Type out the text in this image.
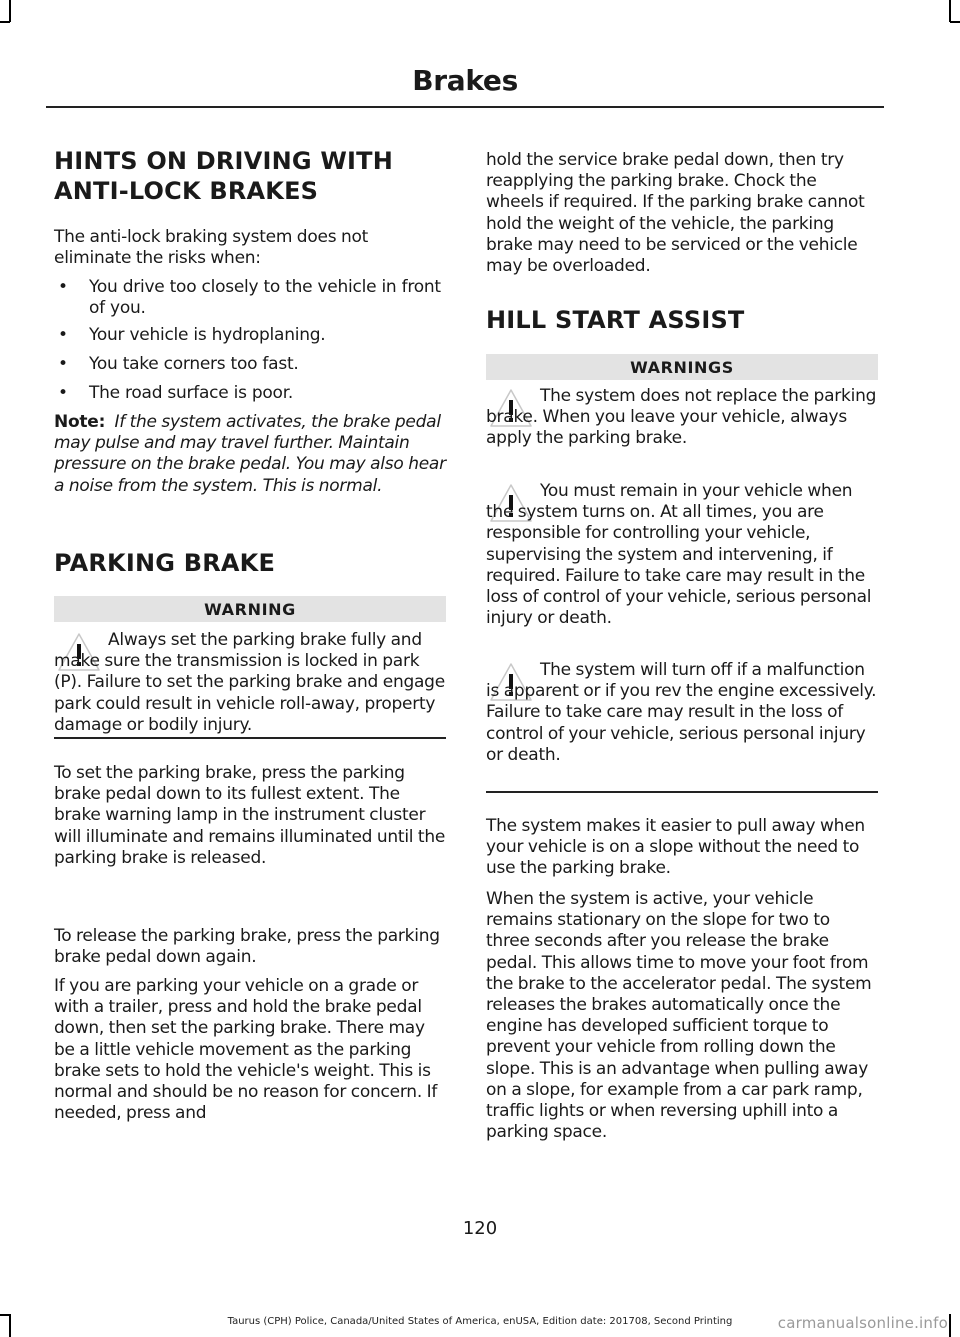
Brakes
HINTS ON DRIVING WITH
ANTI-LOCK BRAKES

The anti-lock braking system does not eliminate the risks when:

• You drive too closely to the vehicle in front of you.
• Your vehicle is hydroplaning.
• You take corners too fast.
• The road surface is poor.

Note: If the system activates, the brake pedal may pulse and may travel further. Maintain pressure on the brake pedal. You may also hear a noise from the system. This is normal.

PARKING BRAKE
WARNING

Always set the parking brake fully and make sure the transmission is locked in park (P). Failure to set the parking brake and engage park could result in vehicle roll-away, property damage or bodily injury.

To set the parking brake, press the parking brake pedal down to its fullest extent. The brake warning lamp in the instrument cluster will illuminate and remains illuminated until the parking brake is released.

To release the parking brake, press the parking brake pedal down again.

If you are parking your vehicle on a grade or with a trailer, press and hold the brake pedal down, then set the parking brake. There may be a little vehicle movement as the parking brake sets to hold the vehicle's weight. This is normal and should be no reason for concern. If needed, press and

hold the service brake pedal down, then try reapplying the parking brake. Chock the wheels if required. If the parking brake cannot hold the weight of the vehicle, the parking brake may need to be serviced or the vehicle may be overloaded.

HILL START ASSIST
WARNINGS

The system does not replace the parking brake. When you leave your vehicle, always apply the parking brake.

You must remain in your vehicle when the system turns on. At all times, you are responsible for controlling your vehicle, supervising the system and intervening, if required. Failure to take care may result in the loss of control of your vehicle, serious personal injury or death.

The system will turn off if a malfunction is apparent or if you rev the engine excessively. Failure to take care may result in the loss of control of your vehicle, serious personal injury or death.

The system makes it easier to pull away when your vehicle is on a slope without the need to use the parking brake.

When the system is active, your vehicle remains stationary on the slope for two to three seconds after you release the brake pedal. This allows time to move your foot from the brake to the accelerator pedal. The system releases the brakes automatically once the engine has developed sufficient torque to prevent your vehicle from rolling down the slope. This is an advantage when pulling away on a slope, for example from a car park ramp, traffic lights or when reversing uphill into a parking space.

120
Taurus (CPH) Police, Canada/United States of America, enUSA, Edition date: 201708, Second Printing	carmanualsonline.info
